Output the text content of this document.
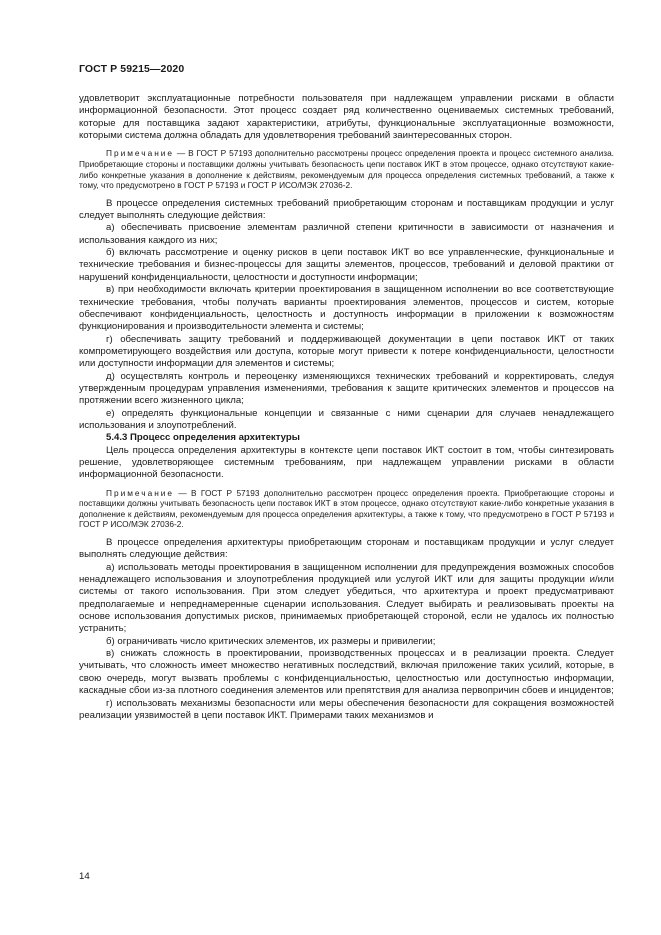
ГОСТ Р 59215—2020

удовлетворит эксплуатационные потребности пользователя при надлежащем управлении рисками в области информационной безопасности. Этот процесс создает ряд количественно оцениваемых системных требований, которые для поставщика задают характеристики, атрибуты, функциональные эксплуатационные возможности, которыми система должна обладать для удовлетворения требований заинтересованных сторон.

Примечание — В ГОСТ Р 57193 дополнительно рассмотрены процесс определения проекта и процесс системного анализа. Приобретающие стороны и поставщики должны учитывать безопасность цепи поставок ИКТ в этом процессе, однако отсутствуют какие-либо конкретные указания в дополнение к действиям, рекомендуемым для процесса определения системных требований, а также к тому, что предусмотрено в ГОСТ Р 57193 и ГОСТ Р ИСО/МЭК 27036-2.

В процессе определения системных требований приобретающим сторонам и поставщикам продукции и услуг следует выполнять следующие действия:

а) обеспечивать присвоение элементам различной степени критичности в зависимости от назначения и использования каждого из них;

б) включать рассмотрение и оценку рисков в цепи поставок ИКТ во все управленческие, функциональные и технические требования и бизнес-процессы для защиты элементов, процессов, требований и деловой практики от нарушений конфиденциальности, целостности и доступности информации;

в) при необходимости включать критерии проектирования в защищенном исполнении во все соответствующие технические требования, чтобы получать варианты проектирования элементов, процессов и систем, которые обеспечивают конфиденциальность, целостность и доступность информации в приложении к возможностям функционирования и производительности элемента и системы;

г) обеспечивать защиту требований и поддерживающей документации в цепи поставок ИКТ от таких компрометирующего воздействия или доступа, которые могут привести к потере конфиденциальности, целостности или доступности информации для элементов и системы;

д) осуществлять контроль и переоценку изменяющихся технических требований и корректировать, следуя утвержденным процедурам управления изменениями, требования к защите критических элементов и процессов на протяжении всего жизненного цикла;

е) определять функциональные концепции и связанные с ними сценарии для случаев ненадлежащего использования и злоупотреблений.

5.4.3 Процесс определения архитектуры

Цель процесса определения архитектуры в контексте цепи поставок ИКТ состоит в том, чтобы синтезировать решение, удовлетворяющее системным требованиям, при надлежащем управлении рисками в области информационной безопасности.

Примечание — В ГОСТ Р 57193 дополнительно рассмотрен процесс определения проекта. Приобретающие стороны и поставщики должны учитывать безопасность цепи поставок ИКТ в этом процессе, однако отсутствуют какие-либо конкретные указания в дополнение к действиям, рекомендуемым для процесса определения архитектуры, а также к тому, что предусмотрено в ГОСТ Р 57193 и ГОСТ Р ИСО/МЭК 27036-2.

В процессе определения архитектуры приобретающим сторонам и поставщикам продукции и услуг следует выполнять следующие действия:

а) использовать методы проектирования в защищенном исполнении для предупреждения возможных способов ненадлежащего использования и злоупотребления продукцией или услугой ИКТ или для защиты продукции и/или системы от такого использования. При этом следует убедиться, что архитектура и проект предусматривают предполагаемые и непреднамеренные сценарии использования. Следует выбирать и реализовывать проекты на основе использования допустимых рисков, принимаемых приобретающей стороной, если не удалось их полностью устранить;

б) ограничивать число критических элементов, их размеры и привилегии;

в) снижать сложность в проектировании, производственных процессах и в реализации проекта. Следует учитывать, что сложность имеет множество негативных последствий, включая приложение таких усилий, которые, в свою очередь, могут вызвать проблемы с конфиденциальностью, целостностью или доступностью информации, каскадные сбои из-за плотного соединения элементов или препятствия для анализа первопричин сбоев и инцидентов;

г) использовать механизмы безопасности или меры обеспечения безопасности для сокращения возможностей реализации уязвимостей в цепи поставок ИКТ. Примерами таких механизмов и

14
